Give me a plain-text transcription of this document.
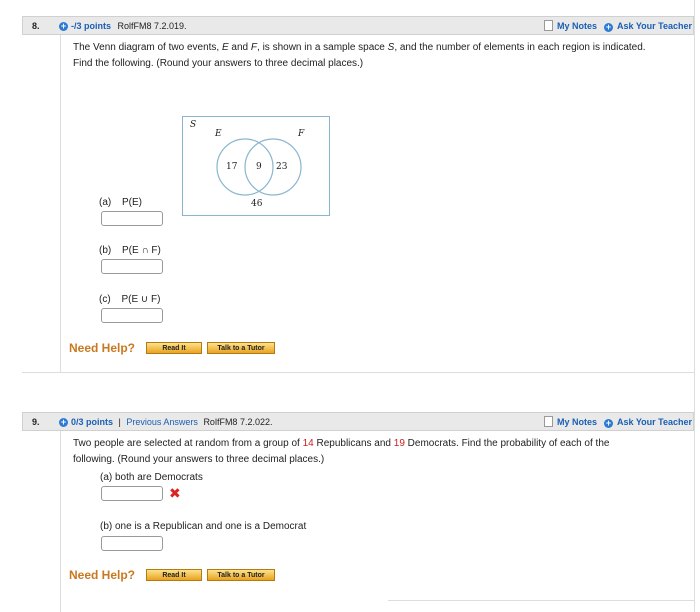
8. + -/3 points RolfFM8 7.2.019.	My Notes + Ask Your Teacher
The Venn diagram of two events, E and F, is shown in a sample space S, and the number of elements in each region is indicated.
Find the following. (Round your answers to three decimal places.)
S
E	F
17 9 23
46
(a) P(E)
(b) P(E ∩ F)
(c) P(E ∪ F)
Need Help?	Read It	Talk to a Tutor
9. + 0/3 points | Previous Answers RolfFM8 7.2.022.	My Notes + Ask Your Teacher
Two people are selected at random from a group of 14 Republicans and 19 Democrats. Find the probability of each of the
following. (Round your answers to three decimal places.)
(a) both are Democrats
✖
(b) one is a Republican and one is a Democrat
Need Help?	Read It	Talk to a Tutor
